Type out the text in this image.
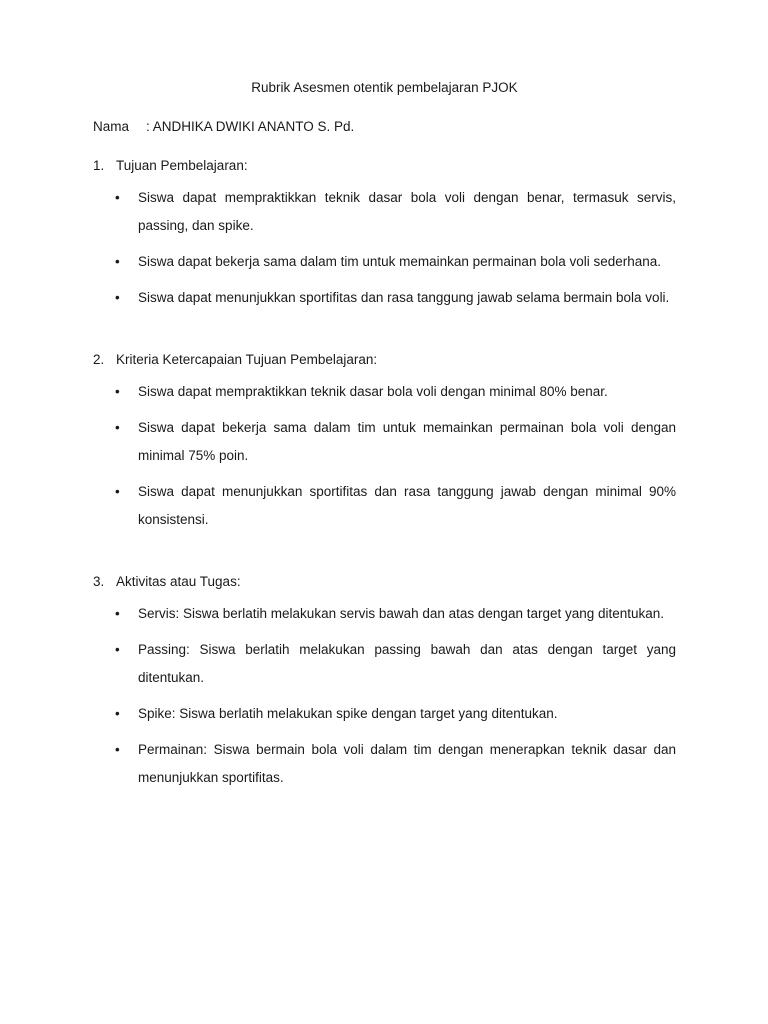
Rubrik Asesmen otentik pembelajaran PJOK
Nama	: ANDHIKA DWIKI ANANTO S. Pd.
1. Tujuan Pembelajaran:
•	Siswa dapat mempraktikkan teknik dasar bola voli dengan benar, termasuk servis, passing, dan spike.
•	Siswa dapat bekerja sama dalam tim untuk memainkan permainan bola voli sederhana.
•	Siswa dapat menunjukkan sportifitas dan rasa tanggung jawab selama bermain bola voli.
2. Kriteria Ketercapaian Tujuan Pembelajaran:
•	Siswa dapat mempraktikkan teknik dasar bola voli dengan minimal 80% benar.
•	Siswa dapat bekerja sama dalam tim untuk memainkan permainan bola voli dengan minimal 75% poin.
•	Siswa dapat menunjukkan sportifitas dan rasa tanggung jawab dengan minimal 90% konsistensi.
3. Aktivitas atau Tugas:
•	Servis: Siswa berlatih melakukan servis bawah dan atas dengan target yang ditentukan.
•	Passing: Siswa berlatih melakukan passing bawah dan atas dengan target yang ditentukan.
•	Spike: Siswa berlatih melakukan spike dengan target yang ditentukan.
•	Permainan: Siswa bermain bola voli dalam tim dengan menerapkan teknik dasar dan menunjukkan sportifitas.
